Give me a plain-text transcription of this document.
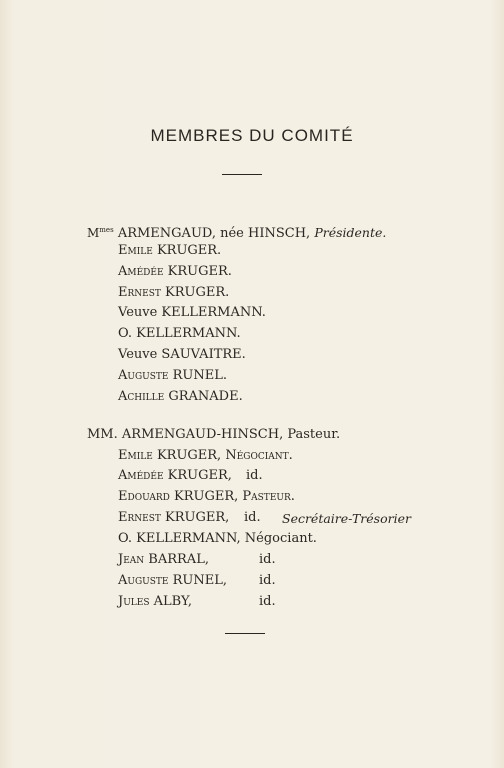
MEMBRES DU COMITÉ
$M^{mes}$ ARMENGAUD, née HINSCH, Présidente.
Emile KRUGER.
Amédée KRUGER.
Ernest KRUGER.
Veuve KELLERMANN.
O. KELLERMANN.
Veuve SAUVAITRE.
Auguste RUNEL.
Achille GRANADE.
MM. ARMENGAUD-HINSCH, Pasteur.
Emile KRUGER, Négociant.
Amédée KRUGER, id.
Edouard KRUGER, Pasteur.
Ernest KRUGER, id. Secrétaire-Trésorier
O. KELLERMANN, Négociant.
Jean BARRAL,	id.
Auguste RUNEL, id.
Jules ALBY,	id.
